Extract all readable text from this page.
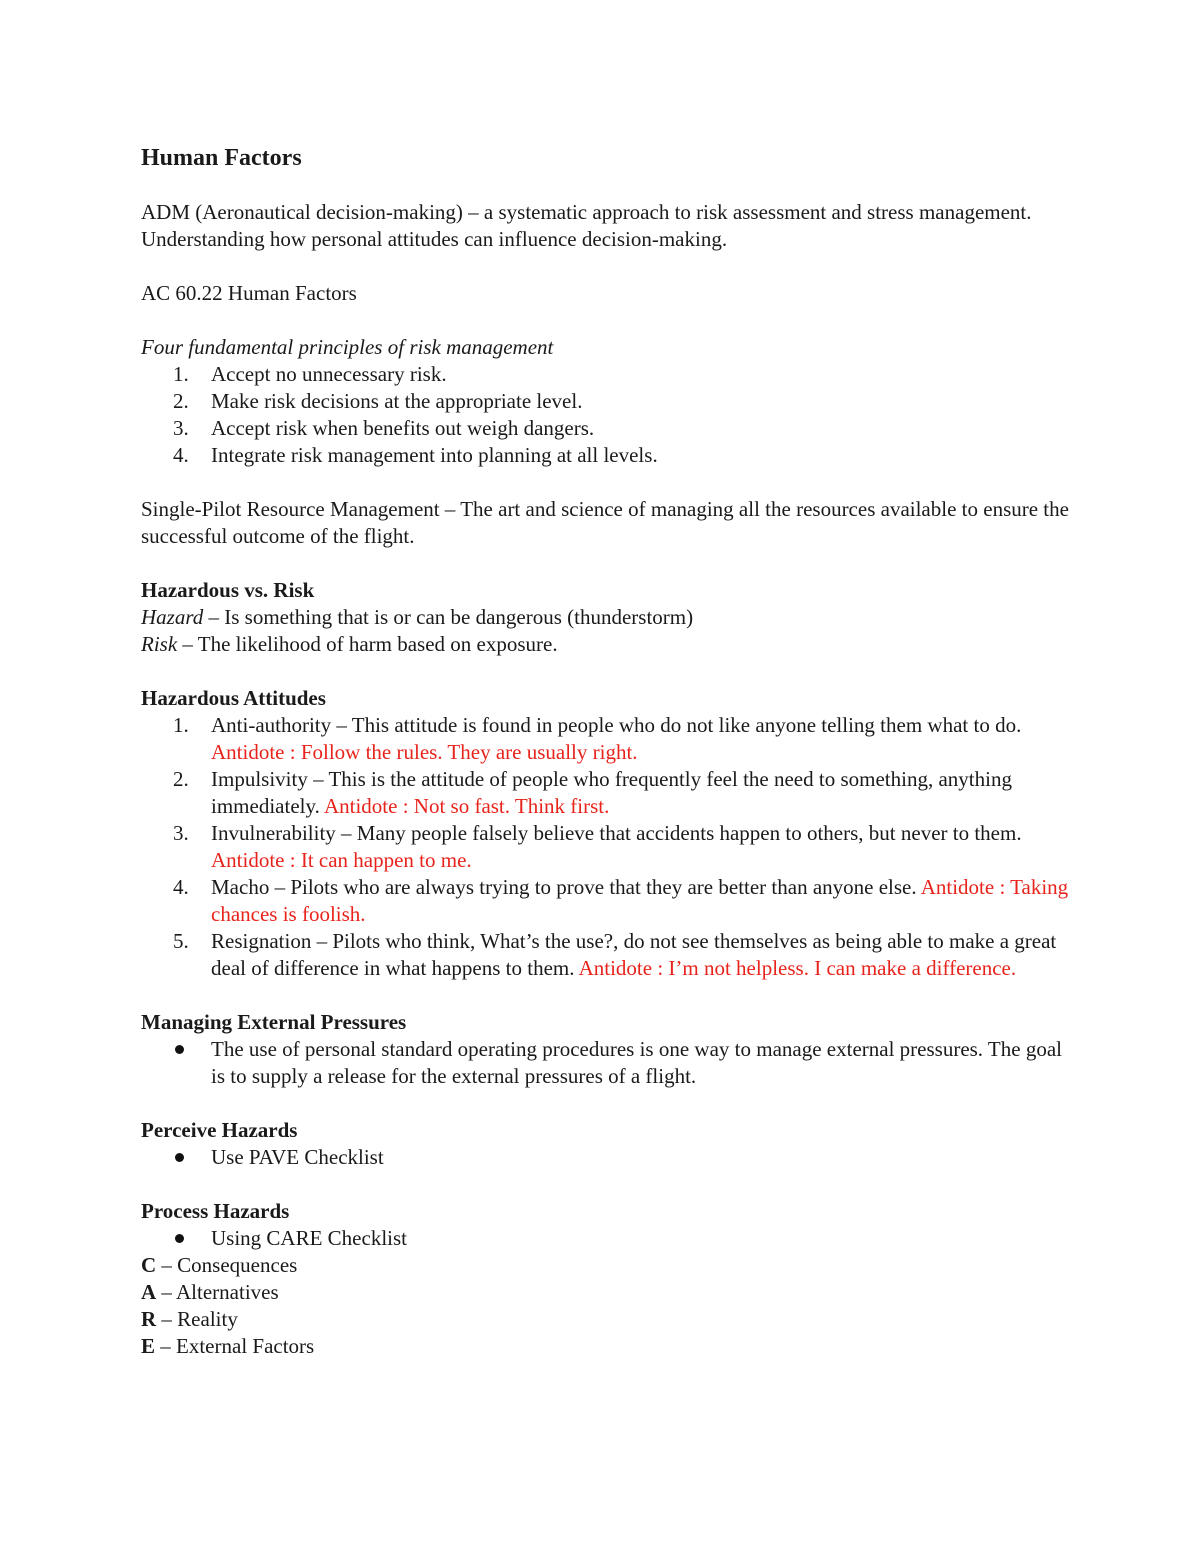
Human Factors

ADM (Aeronautical decision-making) – a systematic approach to risk assessment and stress management. Understanding how personal attitudes can influence decision-making.

AC 60.22 Human Factors

Four fundamental principles of risk management

1. Accept no unnecessary risk.
2. Make risk decisions at the appropriate level.
3. Accept risk when benefits out weigh dangers.
4. Integrate risk management into planning at all levels.

Single-Pilot Resource Management – The art and science of managing all the resources available to ensure the successful outcome of the flight.

Hazardous vs. Risk

Hazard – Is something that is or can be dangerous (thunderstorm)

Risk – The likelihood of harm based on exposure.

Hazardous Attitudes

1. Anti-authority – This attitude is found in people who do not like anyone telling them what to do. Antidote : Follow the rules. They are usually right.
2. Impulsivity – This is the attitude of people who frequently feel the need to something, anything immediately. Antidote : Not so fast. Think first.
3. Invulnerability – Many people falsely believe that accidents happen to others, but never to them. Antidote : It can happen to me.
4. Macho – Pilots who are always trying to prove that they are better than anyone else. Antidote : Taking chances is foolish.
5. Resignation – Pilots who think, What’s the use?, do not see themselves as being able to make a great deal of difference in what happens to them. Antidote : I’m not helpless. I can make a difference.

Managing External Pressures

The use of personal standard operating procedures is one way to manage external pressures. The goal is to supply a release for the external pressures of a flight.

Perceive Hazards

Use PAVE Checklist

Process Hazards

Using CARE Checklist
C – Consequences
A – Alternatives
R – Reality
E – External Factors
